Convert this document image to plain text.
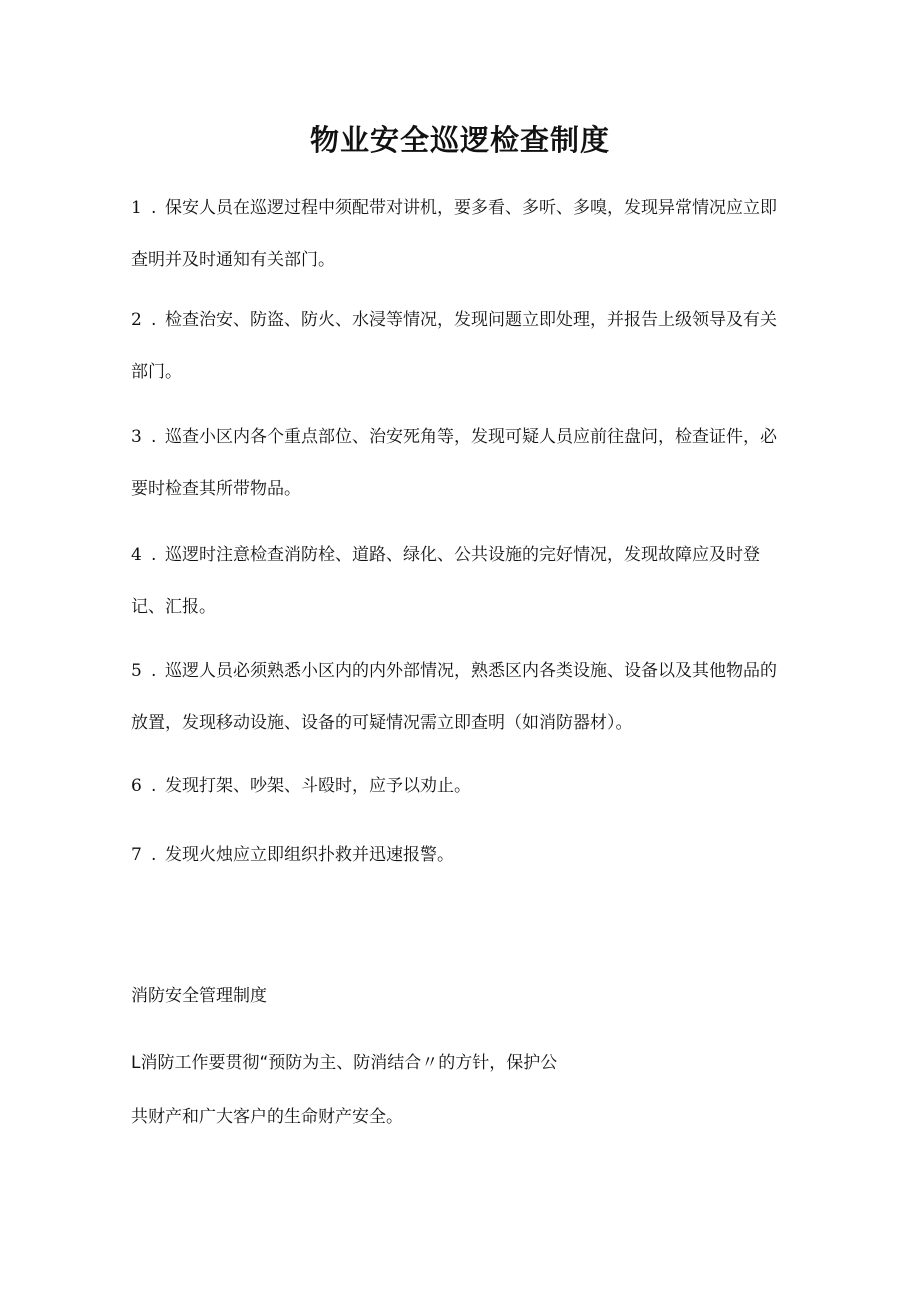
物业安全巡逻检查制度

1 . 保安人员在巡逻过程中须配带对讲机，要多看、多听、多嗅，发现异常情况应立即查明并及时通知有关部门。

2 . 检查治安、防盗、防火、水浸等情况，发现问题立即处理，并报告上级领导及有关部门。

3 . 巡查小区内各个重点部位、治安死角等，发现可疑人员应前往盘问，检查证件，必要时检查其所带物品。

4 . 巡逻时注意检查消防栓、道路、绿化、公共设施的完好情况，发现故障应及时登记、汇报。

5 . 巡逻人员必须熟悉小区内的内外部情况，熟悉区内各类设施、设备以及其他物品的放置，发现移动设施、设备的可疑情况需立即查明（如消防器材）。

6 . 发现打架、吵架、斗殴时，应予以劝止。

7 . 发现火烛应立即组织扑救并迅速报警。

消防安全管理制度
L消防工作要贯彻“预防为主、防消结合〃的方针，保护公
共财产和广大客户的生命财产安全。
